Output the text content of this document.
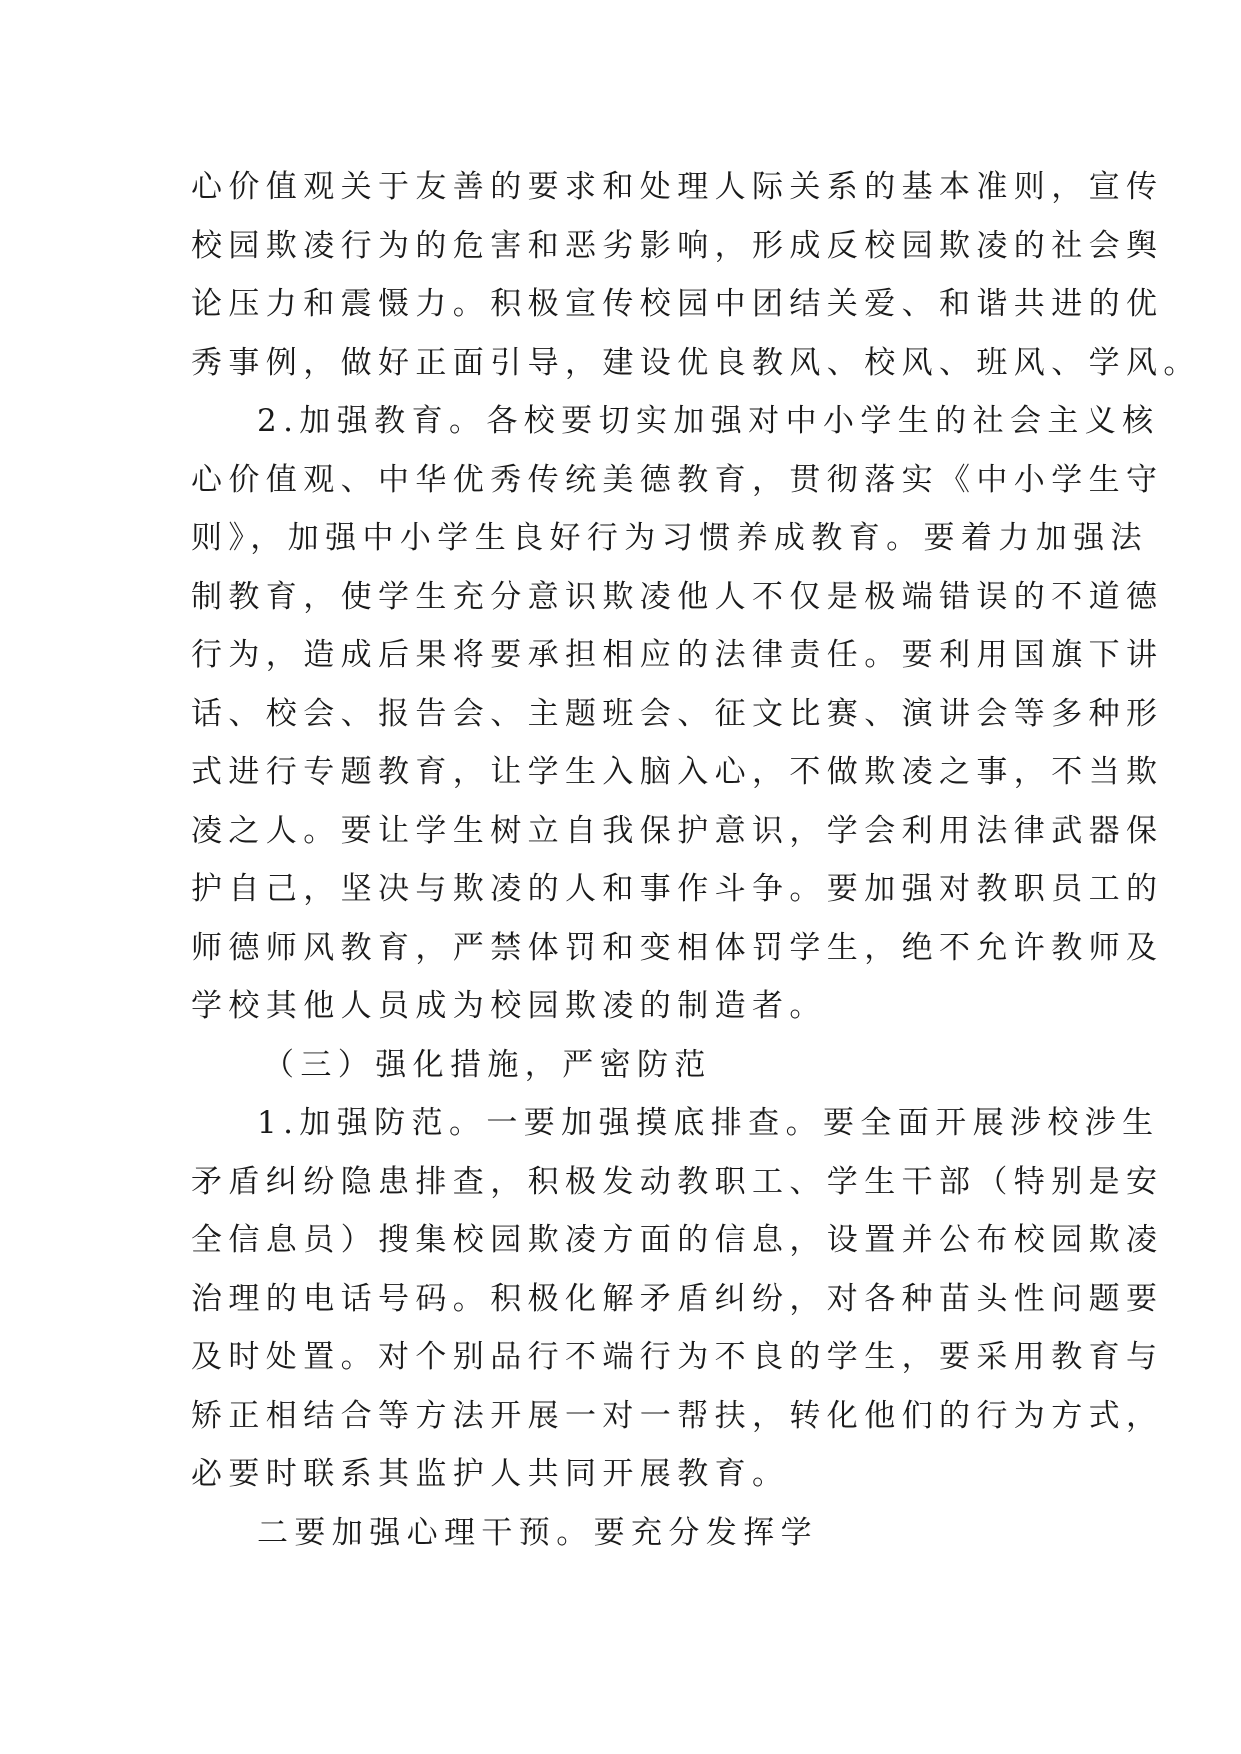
心价值观关于友善的要求和处理人际关系的基本准则，宣传
校园欺凌行为的危害和恶劣影响，形成反校园欺凌的社会舆
论压力和震慑力。积极宣传校园中团结关爱、和谐共进的优
秀事例，做好正面引导，建设优良教风、校风、班风、学风。
2.加强教育。各校要切实加强对中小学生的社会主义核
心价值观、中华优秀传统美德教育，贯彻落实《中小学生守
则》，加强中小学生良好行为习惯养成教育。要着力加强法
制教育，使学生充分意识欺凌他人不仅是极端错误的不道德
行为，造成后果将要承担相应的法律责任。要利用国旗下讲
话、校会、报告会、主题班会、征文比赛、演讲会等多种形
式进行专题教育，让学生入脑入心，不做欺凌之事，不当欺
凌之人。要让学生树立自我保护意识，学会利用法律武器保
护自己，坚决与欺凌的人和事作斗争。要加强对教职员工的
师德师风教育，严禁体罚和变相体罚学生，绝不允许教师及
学校其他人员成为校园欺凌的制造者。
（三）强化措施，严密防范
1.加强防范。一要加强摸底排查。要全面开展涉校涉生
矛盾纠纷隐患排查，积极发动教职工、学生干部（特别是安
全信息员）搜集校园欺凌方面的信息，设置并公布校园欺凌
治理的电话号码。积极化解矛盾纠纷，对各种苗头性问题要
及时处置。对个别品行不端行为不良的学生，要采用教育与
矫正相结合等方法开展一对一帮扶，转化他们的行为方式，
必要时联系其监护人共同开展教育。
二要加强心理干预。要充分发挥学
